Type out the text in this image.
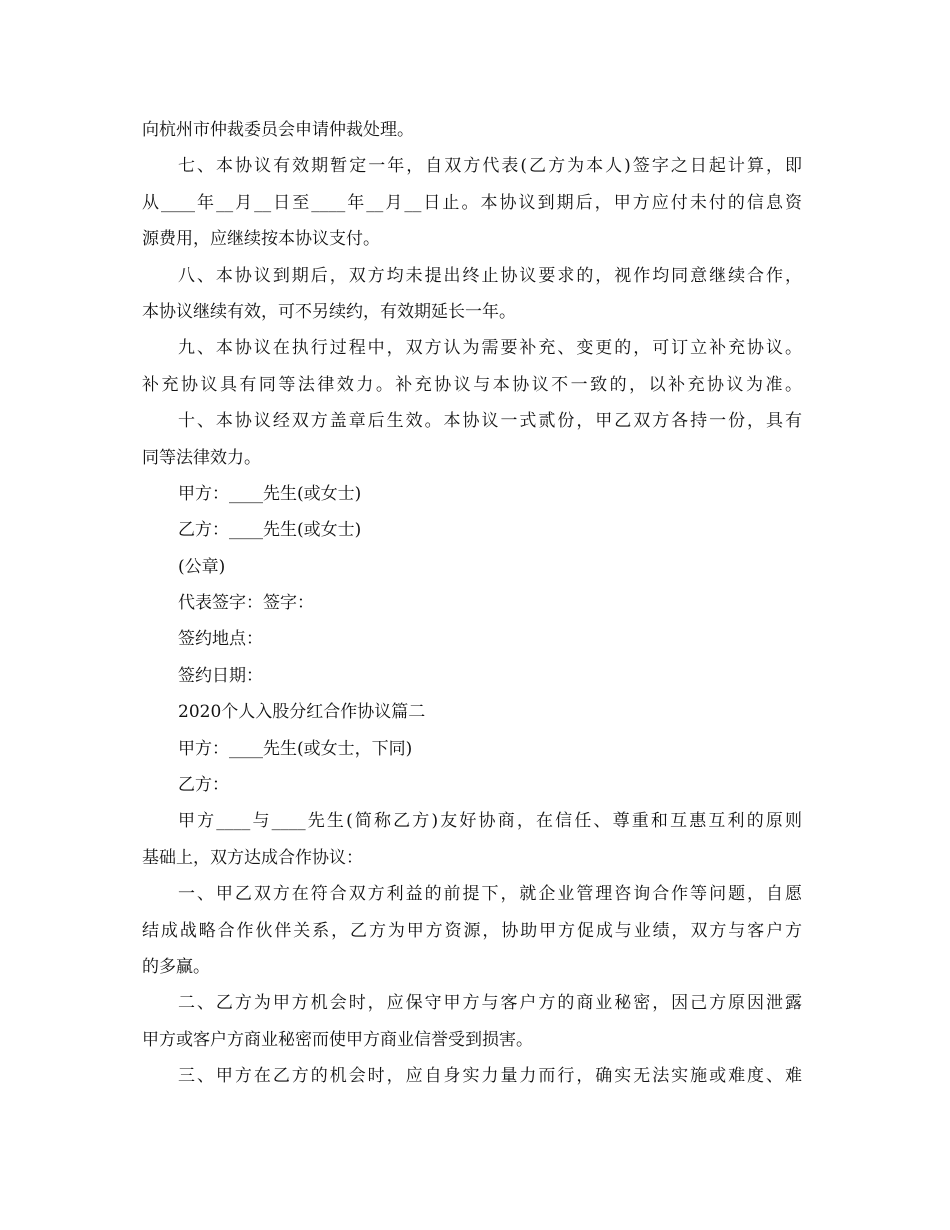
向杭州市仲裁委员会申请仲裁处理。
七、本协议有效期暂定一年，自双方代表(乙方为本人)签字之日起计算，即
从____年__月__日至____年__月__日止。本协议到期后，甲方应付未付的信息资
源费用，应继续按本协议支付。
八、本协议到期后，双方均未提出终止协议要求的，视作均同意继续合作，
本协议继续有效，可不另续约，有效期延长一年。
九、本协议在执行过程中，双方认为需要补充、变更的，可订立补充协议。
补充协议具有同等法律效力。补充协议与本协议不一致的，以补充协议为准。
十、本协议经双方盖章后生效。本协议一式贰份，甲乙双方各持一份，具有
同等法律效力。
甲方：____先生(或女士)
乙方：____先生(或女士)
(公章)
代表签字：签字：
签约地点：
签约日期：
2020个人入股分红合作协议篇二
甲方：____先生(或女士，下同)
乙方：
甲方____与____先生(简称乙方)友好协商，在信任、尊重和互惠互利的原则
基础上，双方达成合作协议：
一、甲乙双方在符合双方利益的前提下，就企业管理咨询合作等问题，自愿
结成战略合作伙伴关系，乙方为甲方资源，协助甲方促成与业绩，双方与客户方
的多赢。
二、乙方为甲方机会时，应保守甲方与客户方的商业秘密，因己方原因泄露
甲方或客户方商业秘密而使甲方商业信誉受到损害。
三、甲方在乙方的机会时，应自身实力量力而行，确实无法实施或难度、难
